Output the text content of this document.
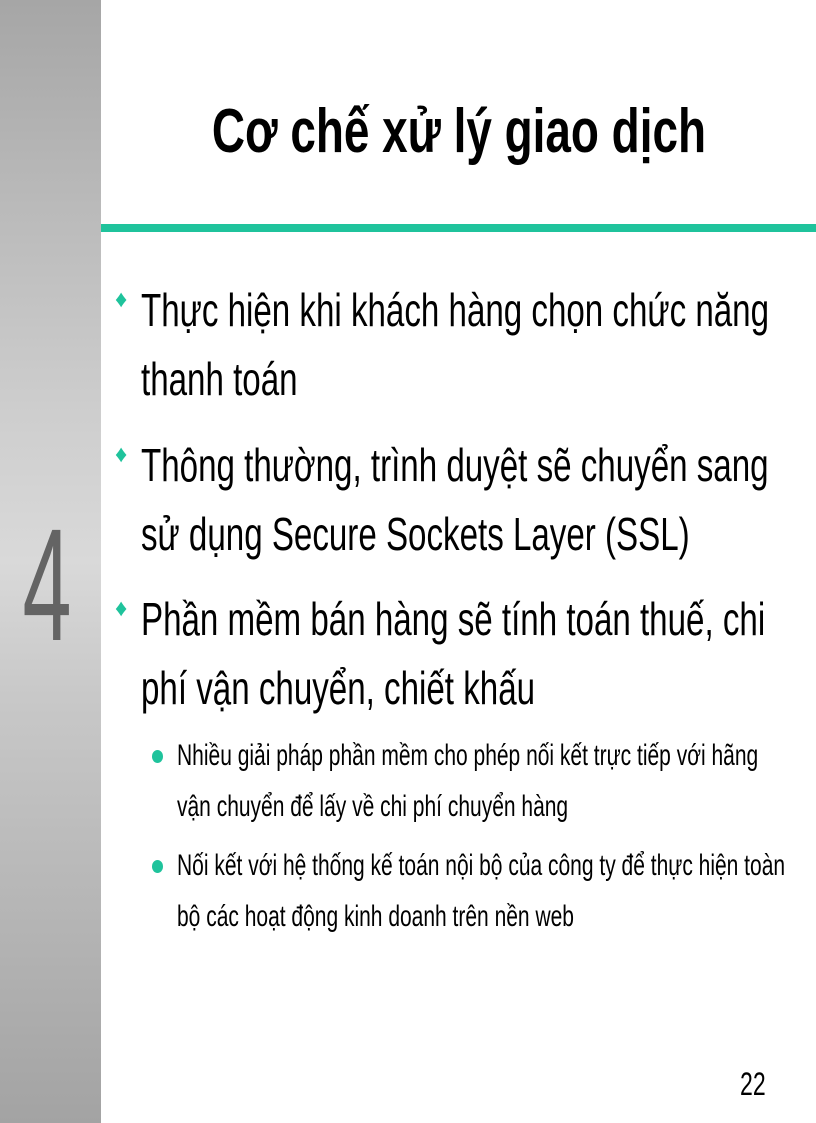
4
Cơ chế xử lý giao dịch
♦ Thực hiện khi khách hàng chọn chức năng thanh toán
♦ Thông thường, trình duyệt sẽ chuyển sang sử dụng Secure Sockets Layer (SSL)
♦ Phần mềm bán hàng sẽ tính toán thuế, chi phí vận chuyển, chiết khấu
Nhiều giải pháp phần mềm cho phép nối kết trực tiếp với hãng vận chuyển để lấy về chi phí chuyển hàng
Nối kết với hệ thống kế toán nội bộ của công ty để thực hiện toàn bộ các hoạt động kinh doanh trên nền web
22
